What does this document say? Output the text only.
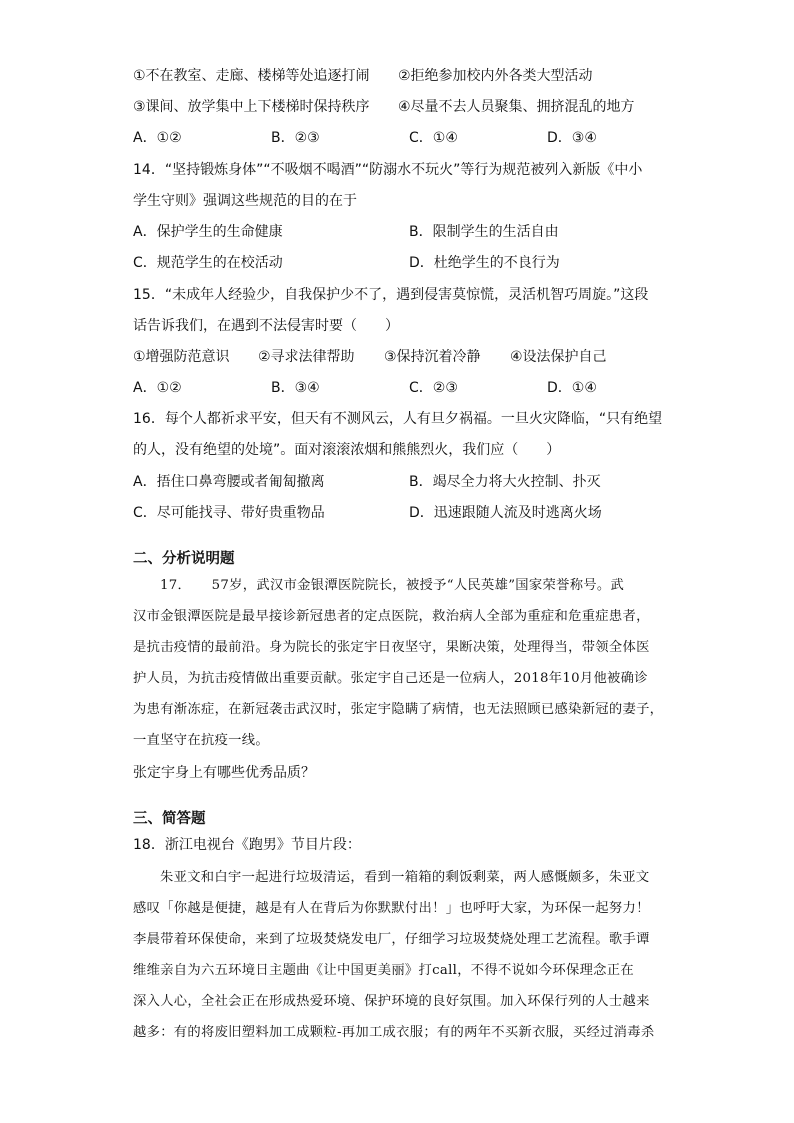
①不在教室、走廊、楼梯等处追逐打闹 ②拒绝参加校内外各类大型活动
③课间、放学集中上下楼梯时保持秩序 ④尽量不去人员聚集、拥挤混乱的地方
A．①②	B．②③	C．①④	D．③④
14．“坚持锻炼身体”“不吸烟不喝酒”“防溺水不玩火”等行为规范被列入新版《中小
学生守则》强调这些规范的目的在于
A．保护学生的生命健康	B．限制学生的生活自由
C．规范学生的在校活动	D．杜绝学生的不良行为
15．“未成年人经验少，自我保护少不了，遇到侵害莫惊慌，灵活机智巧周旋。”这段
话告诉我们，在遇到不法侵害时要（　　）
①增强防范意识 ②寻求法律帮助 ③保持沉着冷静 ④设法保护自己
A．①②	B．③④	C．②③	D．①④
16．每个人都祈求平安，但天有不测风云，人有旦夕祸福。一旦火灾降临，“只有绝望
的人，没有绝望的处境”。面对滚滚浓烟和熊熊烈火，我们应（　　）
A．捂住口鼻弯腰或者匍匐撤离	B．竭尽全力将大火控制、扑灭
C．尽可能找寻、带好贵重物品	D．迅速跟随人流及时逃离火场
二、分析说明题
17．　　57岁，武汉市金银潭医院院长，被授予“人民英雄”国家荣誉称号。武
汉市金银潭医院是最早接诊新冠患者的定点医院，救治病人全部为重症和危重症患者，
是抗击疫情的最前沿。身为院长的张定宇日夜坚守，果断决策，处理得当，带领全体医
护人员，为抗击疫情做出重要贡献。张定宇自己还是一位病人，2018年10月他被确诊
为患有渐冻症，在新冠袭击武汉时，张定宇隐瞒了病情，也无法照顾已感染新冠的妻子，
一直坚守在抗疫一线。
张定宇身上有哪些优秀品质？
三、简答题
18．浙江电视台《跑男》节目片段：
朱亚文和白宇一起进行垃圾清运，看到一箱箱的剩饭剩菜，两人感慨颇多，朱亚文
感叹「你越是便捷，越是有人在背后为你默默付出！」也呼吁大家，为环保一起努力！
李晨带着环保使命，来到了垃圾焚烧发电厂，仔细学习垃圾焚烧处理工艺流程。歌手谭
维维亲自为六五环境日主题曲《让中国更美丽》打call，不得不说如今环保理念正在
深入人心，全社会正在形成热爱环境、保护环境的良好氛围。加入环保行列的人士越来
越多：有的将废旧塑料加工成颗粒-再加工成衣服；有的两年不买新衣服，买经过消毒杀
